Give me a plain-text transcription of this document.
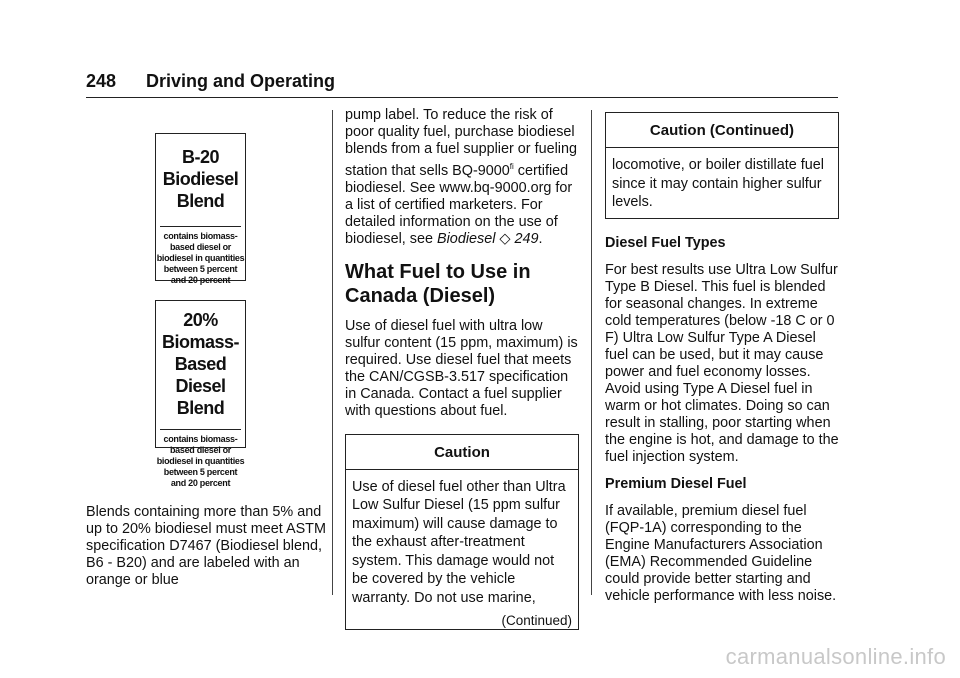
248 Driving and Operating
B-20 Biodiesel Blend
contains biomass-based diesel or biodiesel in quantities between 5 percent and 20 percent
20% Biomass-Based Diesel Blend
contains biomass-based diesel or biodiesel in quantities between 5 percent and 20 percent

Blends containing more than 5% and up to 20% biodiesel must meet ASTM specification D7467 (Biodiesel blend, B6 - B20) and are labeled with an orange or blue

pump label. To reduce the risk of poor quality fuel, purchase biodiesel blends from a fuel supplier or fueling station that sells $BQ-9000^{fi}$ certified biodiesel. See www.bq-9000.org for a list of certified marketers. For detailed information on the use of biodiesel, see Biodiesel ◇ 249.

What Fuel to Use in Canada (Diesel)

Use of diesel fuel with ultra low sulfur content (15 ppm, maximum) is required. Use diesel fuel that meets the CAN/CGSB-3.517 specification in Canada. Contact a fuel supplier with questions about fuel.

Caution
Use of diesel fuel other than Ultra Low Sulfur Diesel (15 ppm sulfur maximum) will cause damage to the exhaust after-treatment system. This damage would not be covered by the vehicle warranty. Do not use marine,
(Continued)
Caution (Continued)
locomotive, or boiler distillate fuel since it may contain higher sulfur levels.

Diesel Fuel Types

For best results use Ultra Low Sulfur Type B Diesel. This fuel is blended for seasonal changes. In extreme cold temperatures (below -18 C or 0 F) Ultra Low Sulfur Type A Diesel fuel can be used, but it may cause power and fuel economy losses. Avoid using Type A Diesel fuel in warm or hot climates. Doing so can result in stalling, poor starting when the engine is hot, and damage to the fuel injection system.

Premium Diesel Fuel

If available, premium diesel fuel (FQP-1A) corresponding to the Engine Manufacturers Association (EMA) Recommended Guideline could provide better starting and vehicle performance with less noise.

carmanualsonline.info
